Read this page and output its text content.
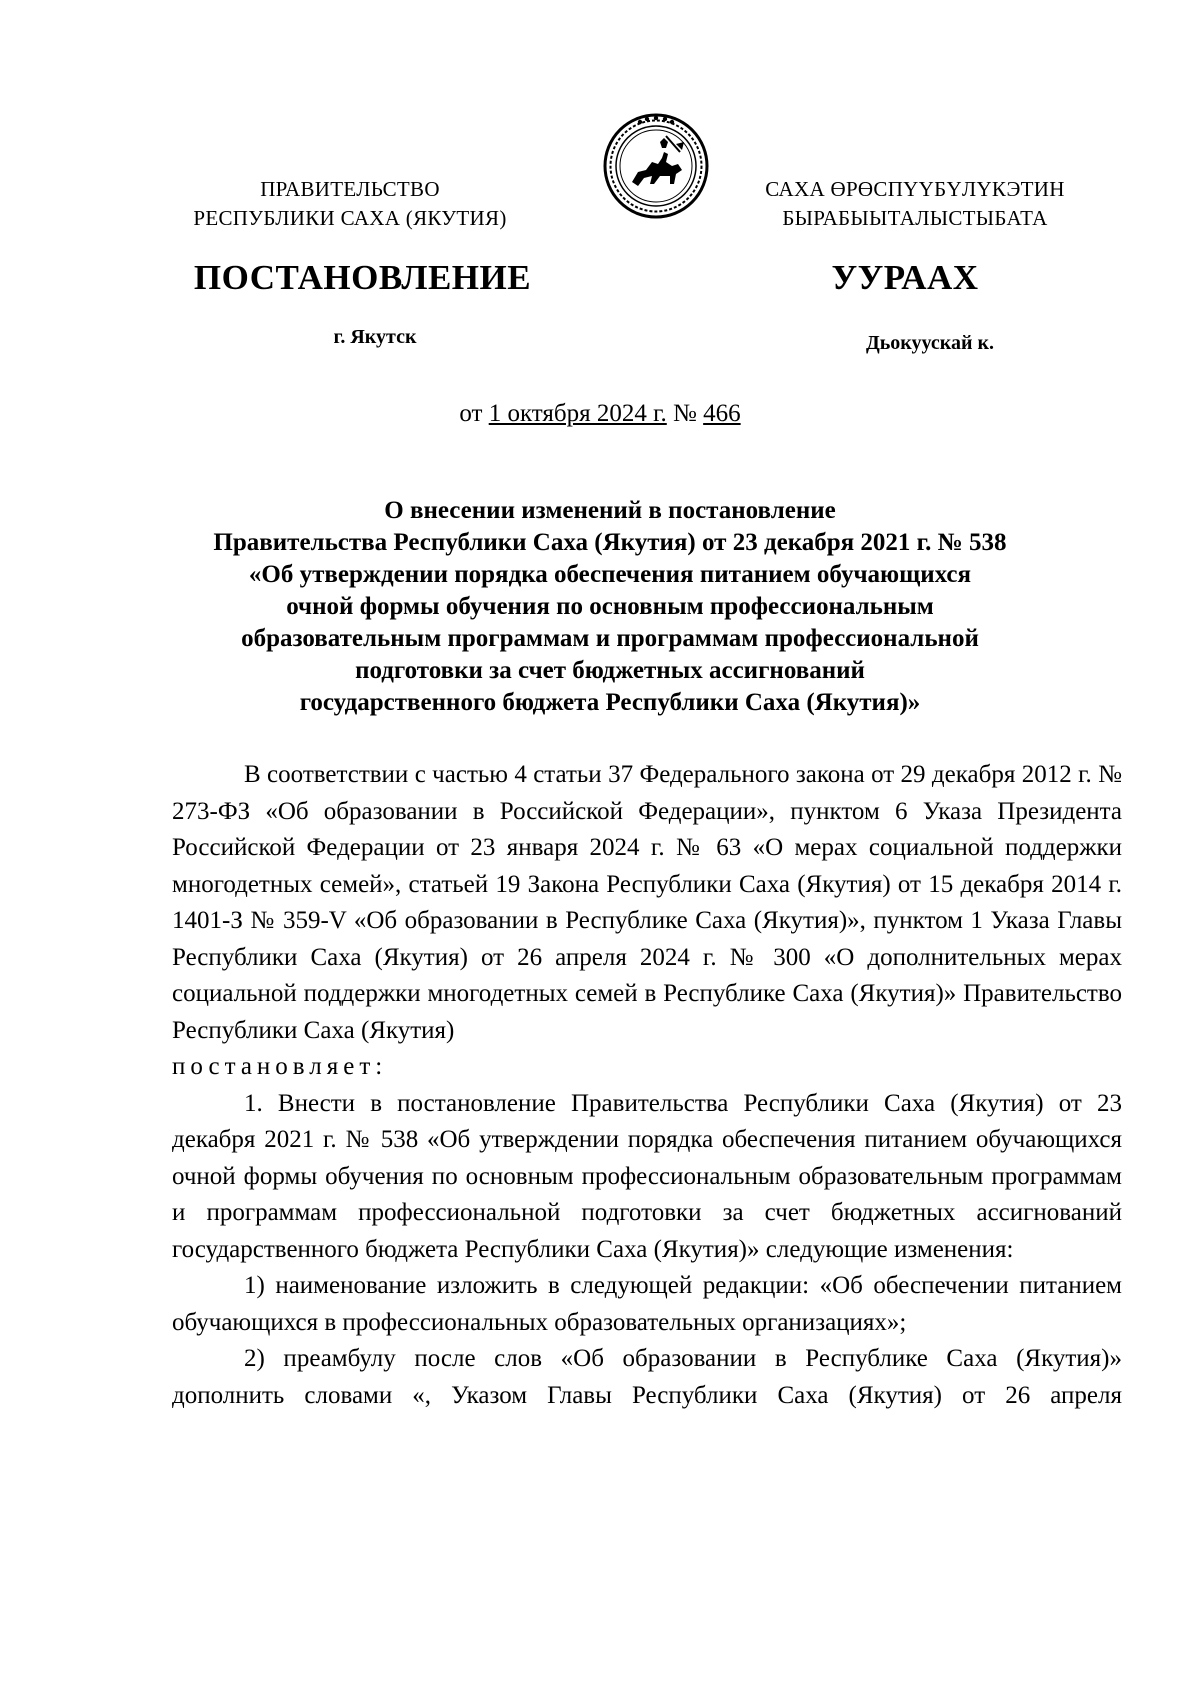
ПРАВИТЕЛЬСТВО
РЕСПУБЛИКИ САХА (ЯКУТИЯ)
САХА ӨРӨСПҮҮБҮЛҮКЭТИН
БЫРАБЫЫТАЛЫСТЫБАТА
ПОСТАНОВЛЕНИЕ	УУРААХ
г. Якутск	Дьокуускай к.
от 1 октября 2024 г. № 466
О внесении изменений в постановление
Правительства Республики Саха (Якутия) от 23 декабря 2021 г. № 538
«Об утверждении порядка обеспечения питанием обучающихся
очной формы обучения по основным профессиональным
образовательным программам и программам профессиональной
подготовки за счет бюджетных ассигнований
государственного бюджета Республики Саха (Якутия)»

В соответствии с частью 4 статьи 37 Федерального закона от 29 декабря 2012 г. № 273-ФЗ «Об образовании в Российской Федерации», пунктом 6 Указа Президента Российской Федерации от 23 января 2024 г. № 63 «О мерах социальной поддержки многодетных семей», статьей 19 Закона Республики Саха (Якутия) от 15 декабря 2014 г. 1401-З № 359-V «Об образовании в Республике Саха (Якутия)», пунктом 1 Указа Главы Республики Саха (Якутия) от 26 апреля 2024 г. № 300 «О дополнительных мерах социальной поддержки многодетных семей в Республике Саха (Якутия)» Правительство Республики Саха (Якутия)

постановляет:

1. Внести в постановление Правительства Республики Саха (Якутия) от 23 декабря 2021 г. № 538 «Об утверждении порядка обеспечения питанием обучающихся очной формы обучения по основным профессиональным образовательным программам и программам профессиональной подготовки за счет бюджетных ассигнований государственного бюджета Республики Саха (Якутия)» следующие изменения:

1) наименование изложить в следующей редакции: «Об обеспечении питанием обучающихся в профессиональных образовательных организациях»;

2) преамбулу после слов «Об образовании в Республике Саха (Якутия)» дополнить словами «, Указом Главы Республики Саха (Якутия) от 26 апреля
